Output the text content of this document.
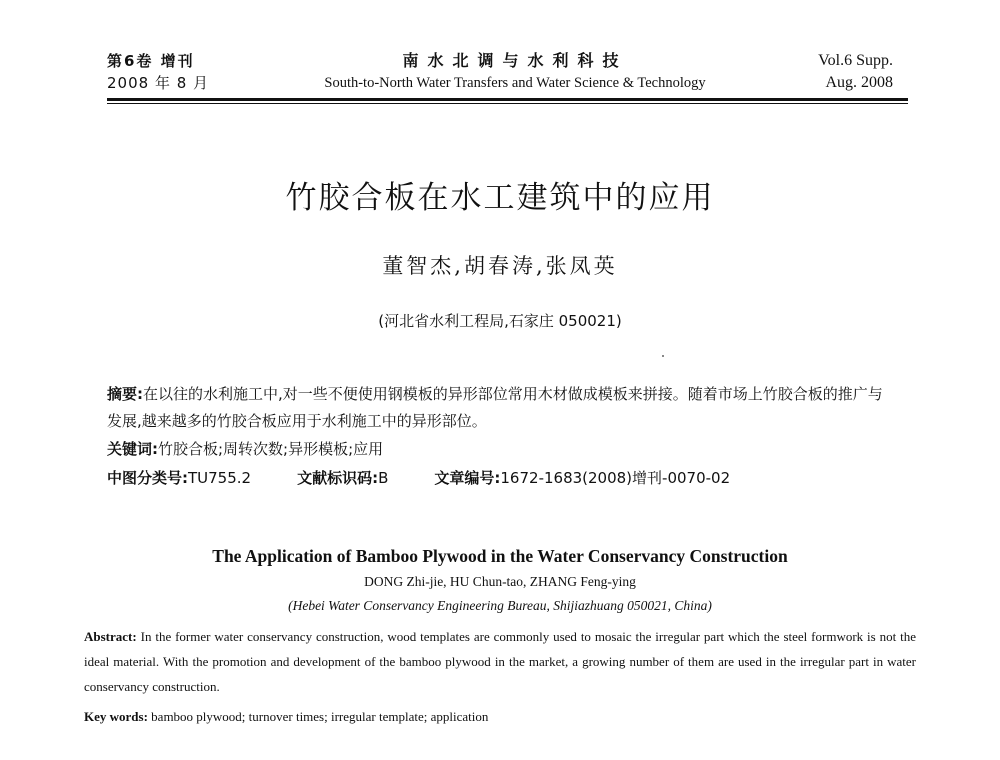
第6卷 增刊
2008 年 8 月
南水北调与水利科技
South-to-North Water Transfers and Water Science & Technology
Vol.6 Supp.
Aug. 2008
竹胶合板在水工建筑中的应用
董智杰,胡春涛,张凤英
(河北省水利工程局,石家庄 050021)
摘要:在以往的水利施工中,对一些不便使用钢模板的异形部位常用木材做成模板来拼接。随着市场上竹胶合板的推广与发展,越来越多的竹胶合板应用于水利施工中的异形部位。
关键词:竹胶合板;周转次数;异形模板;应用
中图分类号:TU755.2	文献标识码:B	文章编号:1672-1683(2008)增刊-0070-02
The Application of Bamboo Plywood in the Water Conservancy Construction
DONG Zhi-jie, HU Chun-tao, ZHANG Feng-ying
(Hebei Water Conservancy Engineering Bureau, Shijiazhuang 050021, China)
Abstract: In the former water conservancy construction, wood templates are commonly used to mosaic the irregular part which the steel formwork is not the ideal material. With the promotion and development of the bamboo plywood in the market, a growing number of them are used in the irregular part in water conservancy construction.
Key words: bamboo plywood; turnover times; irregular template; application
